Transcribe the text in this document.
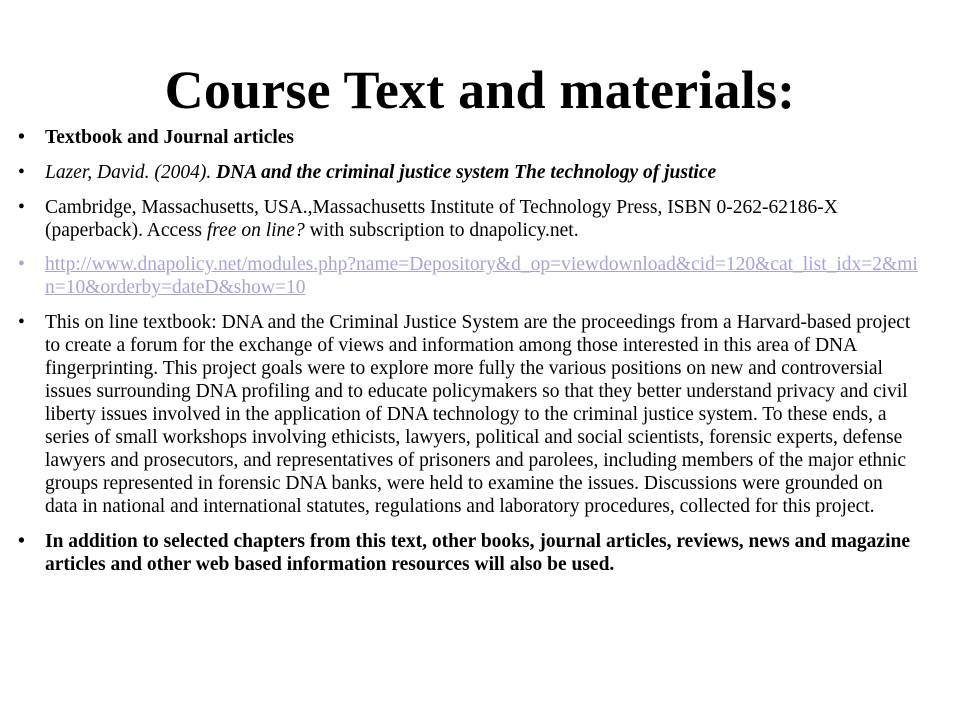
Course Text and materials:
• Textbook and Journal articles
• Lazer, David. (2004). DNA and the criminal justice system The technology of justice
• Cambridge, Massachusetts, USA.,Massachusetts Institute of Technology Press, ISBN 0-262-62186-X (paperback). Access free on line? with subscription to dnapolicy.net.
• http://www.dnapolicy.net/modules.php?name=Depository&d_op=viewdownload&cid=120&cat_list_idx=2&min=10&orderby=dateD&show=10
• This on line textbook: DNA and the Criminal Justice System are the proceedings from a Harvard-based project to create a forum for the exchange of views and information among those interested in this area of DNA fingerprinting. This project goals were to explore more fully the various positions on new and controversial issues surrounding DNA profiling and to educate policymakers so that they better understand privacy and civil liberty issues involved in the application of DNA technology to the criminal justice system. To these ends, a series of small workshops involving ethicists, lawyers, political and social scientists, forensic experts, defense lawyers and prosecutors, and representatives of prisoners and parolees, including members of the major ethnic groups represented in forensic DNA banks, were held to examine the issues. Discussions were grounded on data in national and international statutes, regulations and laboratory procedures, collected for this project.
• In addition to selected chapters from this text, other books, journal articles, reviews, news and magazine articles and other web based information resources will also be used.
